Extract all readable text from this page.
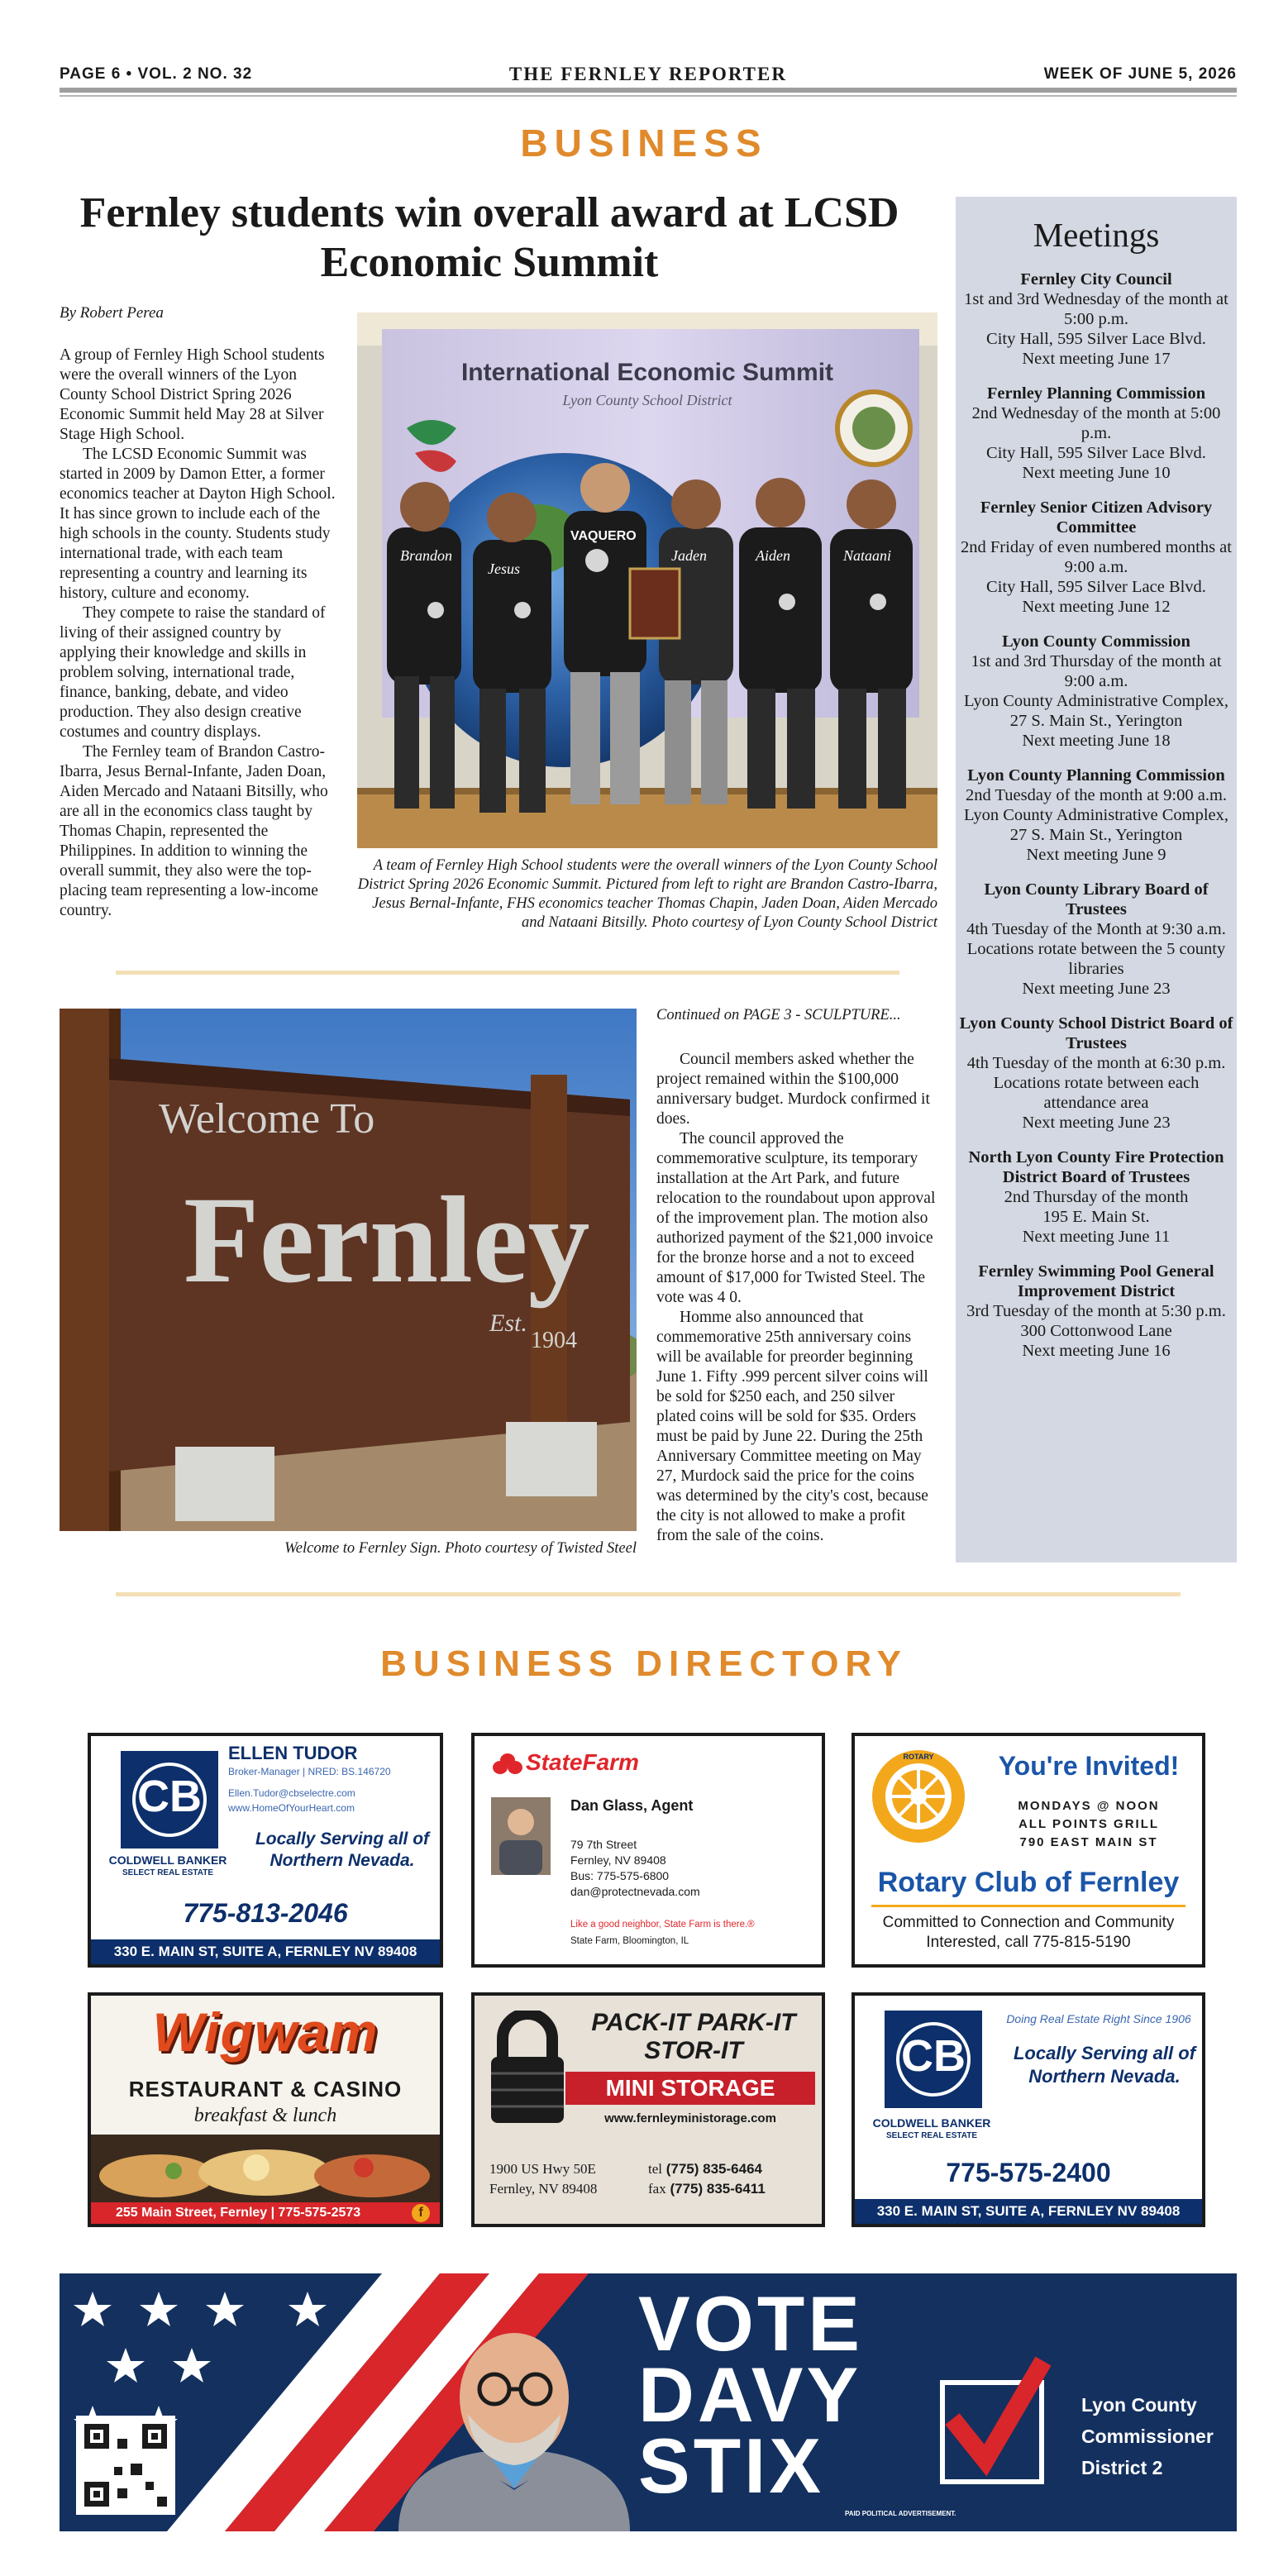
PAGE 6 • VOL. 2 NO. 32	THE FERNLEY REPORTER	WEEK OF JUNE 5, 2026
BUSINESS
Fernley students win overall award at LCSD Economic Summit
By Robert Perea

A group of Fernley High School students were the overall winners of the Lyon County School District Spring 2026 Economic Summit held May 28 at Silver Stage High School.

The LCSD Economic Summit was started in 2009 by Damon Etter, a former economics teacher at Dayton High School. It has since grown to include each of the high schools in the county. Students study international trade, with each team representing a country and learning its history, culture and economy.

They compete to raise the standard of living of their assigned country by applying their knowledge and skills in problem solving, international trade, finance, banking, debate, and video production. They also design creative costumes and country displays.

The Fernley team of Brandon Castro-Ibarra, Jesus Bernal-Infante, Jaden Doan, Aiden Mercado and Nataani Bitsilly, who are all in the economics class taught by Thomas Chapin, represented the Philippines. In addition to winning the overall summit, they also were the top-placing team representing a low-income country.

Brandon
Jesus
VAQUERO
Jaden	Aiden	Nataani
International Economic Summit
Lyon County School District
A team of Fernley High School students were the overall winners of the Lyon County School District Spring 2026 Economic Summit. Pictured from left to right are Brandon Castro-Ibarra, Jesus Bernal-Infante, FHS economics teacher Thomas Chapin, Jaden Doan, Aiden Mercado and Nataani Bitsilly. Photo courtesy of Lyon County School District
Welcome To
Fernley
Est.
1904
Welcome to Fernley Sign. Photo courtesy of Twisted Steel
Continued on PAGE 3 - SCULPTURE...

Council members asked whether the project remained within the $100,000 anniversary budget. Murdock confirmed it does.

The council approved the commemorative sculpture, its temporary installation at the Art Park, and future relocation to the roundabout upon approval of the improvement plan. The motion also authorized payment of the $21,000 invoice for the bronze horse and a not to exceed amount of $17,000 for Twisted Steel. The vote was 4 0.

Homme also announced that commemorative 25th anniversary coins will be available for preorder beginning June 1. Fifty .999 percent silver coins will be sold for $250 each, and 250 silver plated coins will be sold for $35. Orders must be paid by June 22. During the 25th Anniversary Committee meeting on May 27, Murdock said the price for the coins was determined by the city's cost, because the city is not allowed to make a profit from the sale of the coins.

Meetings
Fernley City Council
1st and 3rd Wednesday of the month at 5:00 p.m.
City Hall, 595 Silver Lace Blvd.
Next meeting June 17
Fernley Planning Commission
2nd Wednesday of the month at 5:00 p.m.
City Hall, 595 Silver Lace Blvd.
Next meeting June 10
Fernley Senior Citizen Advisory Committee
2nd Friday of even numbered months at 9:00 a.m.
City Hall, 595 Silver Lace Blvd.
Next meeting June 12
Lyon County Commission
1st and 3rd Thursday of the month at 9:00 a.m.
Lyon County Administrative Complex, 27 S. Main St., Yerington
Next meeting June 18
Lyon County Planning Commission
2nd Tuesday of the month at 9:00 a.m.
Lyon County Administrative Complex, 27 S. Main St., Yerington
Next meeting June 9
Lyon County Library Board of Trustees
4th Tuesday of the Month at 9:30 a.m.
Locations rotate between the 5 county libraries
Next meeting June 23
Lyon County School District Board of Trustees
4th Tuesday of the month at 6:30 p.m.
Locations rotate between each attendance area
Next meeting June 23
North Lyon County Fire Protection District Board of Trustees
2nd Thursday of the month
195 E. Main St.
Next meeting June 11
Fernley Swimming Pool General Improvement District
3rd Tuesday of the month at 5:30 p.m.
300 Cottonwood Lane
Next meeting June 16
BUSINESS DIRECTORY
CB
COLDWELL BANKER
SELECT REAL ESTATE
ELLEN TUDOR
Broker-Manager | NRED: BS.146720
Ellen.Tudor@cbselectre.com
www.HomeOfYourHeart.com
Locally Serving all of Northern Nevada.
775-813-2046
330 E. MAIN ST, SUITE A, FERNLEY NV 89408
StateFarm
Dan Glass, Agent
79 7th Street
Fernley, NV 89408
Bus: 775-575-6800
dan@protectnevada.com
Like a good neighbor, State Farm is there.®
State Farm, Bloomington, IL
ROTARY	You're Invited!
MONDAYS @ NOON
ALL POINTS GRILL
790 EAST MAIN ST
Rotary Club of Fernley
Committed to Connection and Community
Interested, call 775-815-5190
Wigwam
RESTAURANT & CASINO
breakfast & lunch
255 Main Street, Fernley | 775-575-2573	f
PACK-IT PARK-IT
STOR-IT
MINI STORAGE
www.fernleyministorage.com
1900 US Hwy 50E
Fernley, NV 89408
tel (775) 835-6464
fax (775) 835-6411
CB
COLDWELL BANKER
SELECT REAL ESTATE
Doing Real Estate Right Since 1906
Locally Serving all of Northern Nevada.
775-575-2400
330 E. MAIN ST, SUITE A, FERNLEY NV 89408
VOTE
DAVY
STIX
Lyon County
Commissioner
District 2
PAID POLITICAL ADVERTISEMENT.
